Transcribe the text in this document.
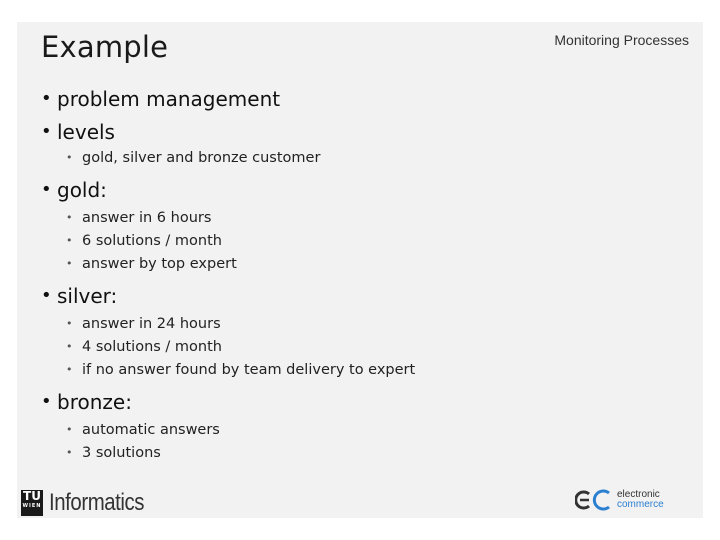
Example	Monitoring Processes
• problem management
• levels
• gold, silver and bronze customer
• gold:
• answer in 6 hours
• 6 solutions / month
• answer by top expert
• silver:
• answer in 24 hours
• 4 solutions / month
• if no answer found by team delivery to expert
• bronze:
• automatic answers
• 3 solutions
TU
WIEN Informatics	electronic
commerce
